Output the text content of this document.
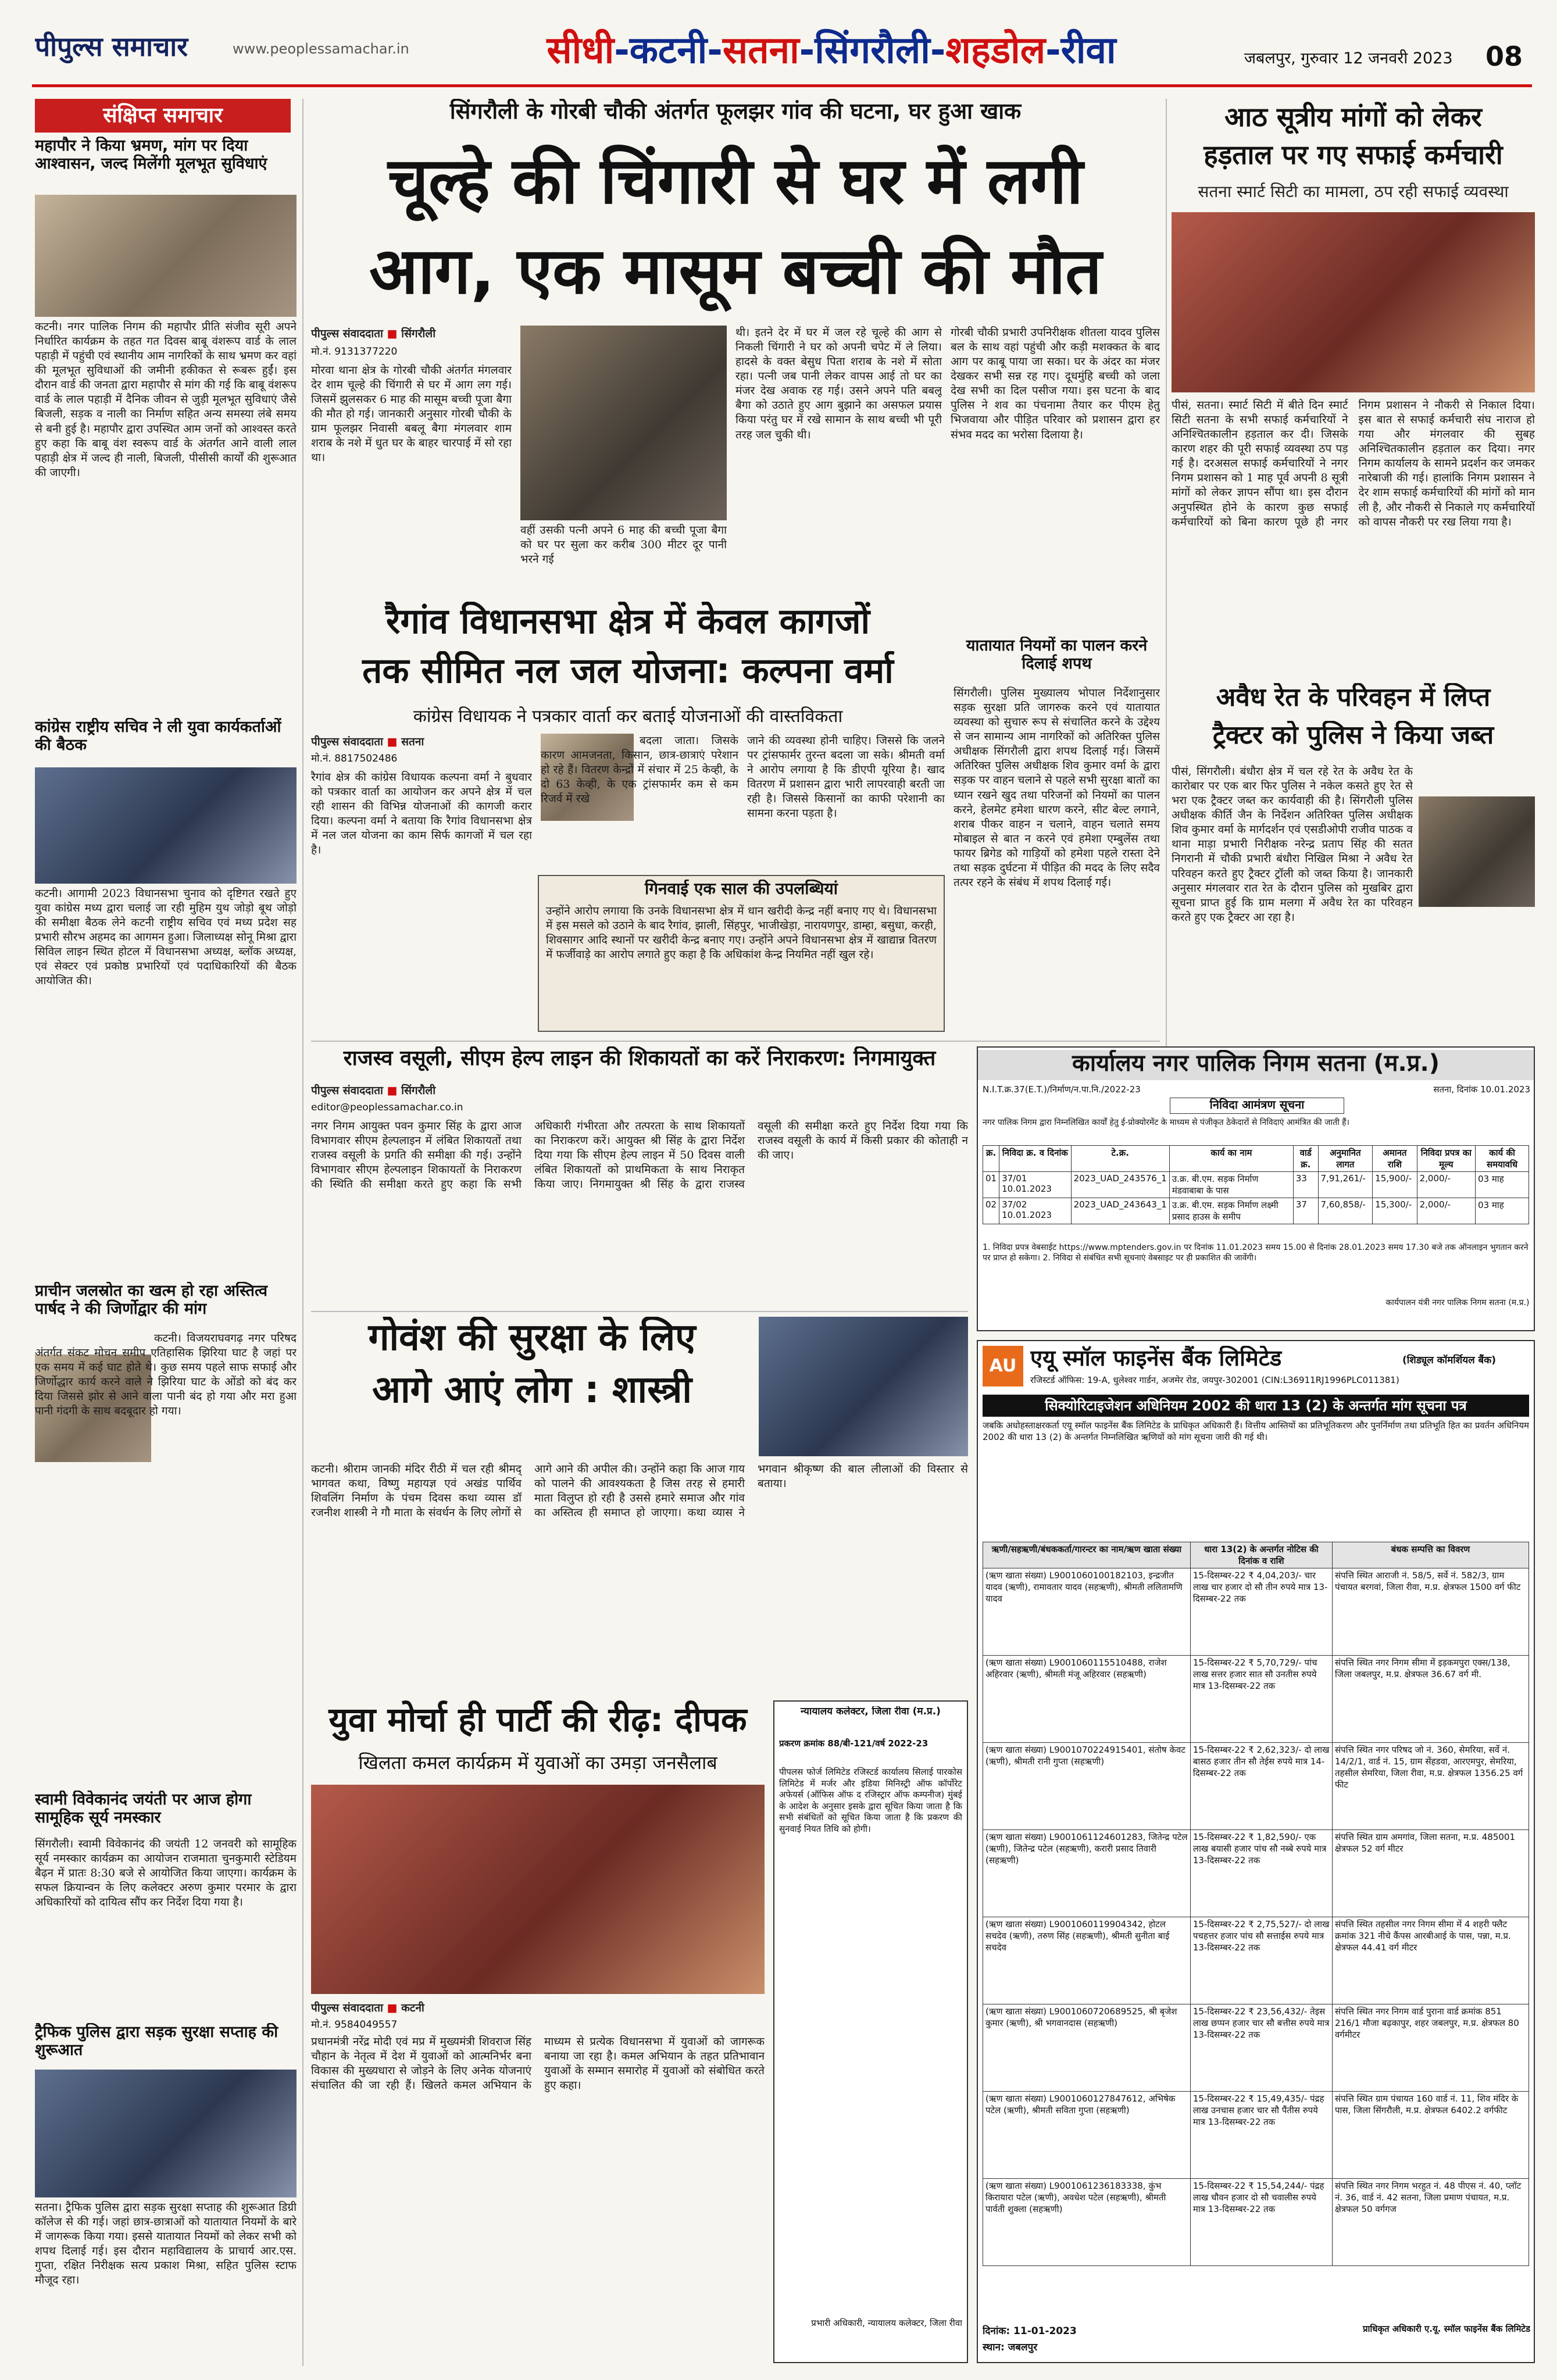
पीपुल्स समाचार	www.peoplessamachar.in	सीधी-कटनी-सतना-सिंगरौली-शहडोल-रीवा	जबलपुर, गुरुवार 12 जनवरी 2023	08
संक्षिप्त समाचार
महापौर ने किया भ्रमण, मांग पर दिया आश्वासन, जल्द मिलेंगी मूलभूत सुविधाएं
कटनी। नगर पालिक निगम की महापौर प्रीति संजीव सूरी अपने निर्धारित कार्यक्रम के तहत गत दिवस बाबू वंशरूप वार्ड के लाल पहाड़ी में पहुंची एवं स्थानीय आम नागरिकों के साथ भ्रमण कर वहां की मूलभूत सुविधाओं की जमीनी हकीकत से रूबरू हुईं। इस दौरान वार्ड की जनता द्वारा महापौर से मांग की गई कि बाबू वंशरूप वार्ड के लाल पहाड़ी में दैनिक जीवन से जुड़ी मूलभूत सुविधाएं जैसे बिजली, सड़क व नाली का निर्माण सहित अन्य समस्या लंबे समय से बनी हुई है। महापौर द्वारा उपस्थित आम जनों को आश्वस्त करते हुए कहा कि बाबू वंश स्वरूप वार्ड के अंतर्गत आने वाली लाल पहाड़ी क्षेत्र में जल्द ही नाली, बिजली, पीसीसी कार्यों की शुरूआत की जाएगी।
कांग्रेस राष्ट्रीय सचिव ने ली युवा कार्यकर्ताओं की बैठक
कटनी। आगामी 2023 विधानसभा चुनाव को दृष्टिगत रखते हुए युवा कांग्रेस मध्य द्वारा चलाई जा रही मुहिम युथ जोड़ो बूथ जोड़ो की समीक्षा बैठक लेने कटनी राष्ट्रीय सचिव एवं मध्य प्रदेश सह प्रभारी सौरभ अहमद का आगमन हुआ। जिलाध्यक्ष सोनू मिश्रा द्वारा सिविल लाइन स्थित होटल में विधानसभा अध्यक्ष, ब्लॉक अध्यक्ष, एवं सेक्टर एवं प्रकोष्ठ प्रभारियों एवं पदाधिकारियों की बैठक आयोजित की।
प्राचीन जलस्रोत का खत्म हो रहा अस्तित्व पार्षद ने की जिर्णोद्वार की मांग
कटनी। विजयराघवगढ़ नगर परिषद अंतर्गत संकट मोचन समीप एतिहासिक झिरिया घाट है जहां पर एक समय में कई घाट होते थे। कुछ समय पहले साफ सफाई और जिर्णोद्धार कार्य करने वाले ने झिरिया घाट के ओंडो को बंद कर दिया जिससे झोर से आने वाला पानी बंद हो गया और मरा हुआ पानी गंदगी के साथ बदबूदार हो गया।
स्वामी विवेकानंद जयंती पर आज होगा सामूहिक सूर्य नमस्कार
सिंगरौली। स्वामी विवेकानंद की जयंती 12 जनवरी को सामूहिक सूर्य नमस्कार कार्यक्रम का आयोजन राजमाता चुनकुमारी स्टेडियम बैढ़न में प्रातः 8:30 बजे से आयोजित किया जाएगा। कार्यक्रम के सफल क्रियान्वन के लिए कलेक्टर अरुण कुमार परमार के द्वारा अधिकारियों को दायित्व सौंप कर निर्देश दिया गया है।
ट्रैफिक पुलिस द्वारा सड़क सुरक्षा सप्ताह की शुरूआत
सतना। ट्रैफिक पुलिस द्वारा सड़क सुरक्षा सप्ताह की शुरूआत डिग्री कॉलेज से की गई। जहां छात्र-छात्राओं को यातायात नियमों के बारे में जागरूक किया गया। इससे यातायात नियमों को लेकर सभी को शपथ दिलाई गई। इस दौरान महाविद्यालय के प्राचार्य आर.एस. गुप्ता, रक्षित निरीक्षक सत्य प्रकाश मिश्रा, सहित पुलिस स्टाफ मौजूद रहा।
सिंगरौली के गोरबी चौकी अंतर्गत फूलझर गांव की घटना, घर हुआ खाक
चूल्हे की चिंगारी से घर में लगी
आग, एक मासूम बच्ची की मौत
पीपुल्स संवाददाता ■ सिंगरौली
मो.नं. 9131377220
मोरवा थाना क्षेत्र के गोरबी चौकी अंतर्गत मंगलवार देर शाम चूल्हे की चिंगारी से घर में आग लग गई। जिसमें झुलसकर 6 माह की मासूम बच्ची पूजा बैगा की मौत हो गई। जानकारी अनुसार गोरबी चौकी के ग्राम फूलझर निवासी बबलू बैगा मंगलवार शाम शराब के नशे में धुत घर के बाहर चारपाई में सो रहा था।
वहीं उसकी पत्नी अपने 6 माह की बच्ची पूजा बैगा को घर पर सुला कर करीब 300 मीटर दूर पानी भरने गई
थी। इतने देर में घर में जल रहे चूल्हे की आग से निकली चिंगारी ने घर को अपनी चपेट में ले लिया। हादसे के वक्त बेसुध पिता शराब के नशे में सोता रहा। पत्नी जब पानी लेकर वापस आई तो घर का मंजर देख अवाक रह गई। उसने अपने पति बबलू बैगा को उठाते हुए आग बुझाने का असफल प्रयास किया परंतु घर में रखे सामान के साथ बच्ची भी पूरी तरह जल चुकी थी।
गोरबी चौकी प्रभारी उपनिरीक्षक शीतला यादव पुलिस बल के साथ वहां पहुंची और कड़ी मशक्कत के बाद आग पर काबू पाया जा सका। घर के अंदर का मंजर देखकर सभी सन्न रह गए। दूधमुंहि बच्ची को जला देख सभी का दिल पसीज गया। इस घटना के बाद पुलिस ने शव का पंचनामा तैयार कर पीएम हेतु भिजवाया और पीड़ित परिवार को प्रशासन द्वारा हर संभव मदद का भरोसा दिलाया है।
आठ सूत्रीय मांगों को लेकर
हड़ताल पर गए सफाई कर्मचारी
सतना स्मार्ट सिटी का मामला, ठप रही सफाई व्यवस्था
पीसं, सतना। स्मार्ट सिटी में बीते दिन स्मार्ट सिटी सतना के सभी सफाई कर्मचारियों ने अनिश्चितकालीन हड़ताल कर दी। जिसके कारण शहर की पूरी सफाई व्यवस्था ठप पड़ गई है। दरअसल सफाई कर्मचारियों ने नगर निगम प्रशासन को 1 माह पूर्व अपनी 8 सूत्री मांगों को लेकर ज्ञापन सौंपा था। इस दौरान अनुपस्थित होने के कारण कुछ सफाई कर्मचारियों को बिना कारण पूछे ही नगर निगम प्रशासन ने नौकरी से निकाल दिया। इस बात से सफाई कर्मचारी संघ नाराज हो गया और मंगलवार की सुबह अनिश्चितकालीन हड़ताल कर दिया। नगर निगम कार्यालय के सामने प्रदर्शन कर जमकर नारेबाजी की गई। हालांकि निगम प्रशासन ने देर शाम सफाई कर्मचारियों की मांगों को मान ली है, और नौकरी से निकाले गए कर्मचारियों को वापस नौकरी पर रख लिया गया है।
रैगांव विधानसभा क्षेत्र में केवल कागजों
तक सीमित नल जल योजना: कल्पना वर्मा
कांग्रेस विधायक ने पत्रकार वार्ता कर बताई योजनाओं की वास्तविकता
पीपुल्स संवाददाता ■ सतना
मो.नं. 8817502486
रैगांव क्षेत्र की कांग्रेस विधायक कल्पना वर्मा ने बुधवार को पत्रकार वार्ता का आयोजन कर अपने क्षेत्र में चल रही शासन की विभिन्न योजनाओं की कागजी करार दिया। कल्पना वर्मा ने बताया कि रैगांव विधानसभा क्षेत्र में नल जल योजना का काम सिर्फ कागजों में चल रहा है।
बदला जाता। जिसके कारण आमजनता, किसान, छात्र-छात्राएं परेशान हो रहे हैं। वितरण केन्द्रों में संचार में 25 केव्ही, के दो 63 केव्ही, के एक ट्रांसफार्मर कम से कम रिजर्व में रखे
जाने की व्यवस्था होनी चाहिए। जिससे कि जलने पर ट्रांसफार्मर तुरन्त बदला जा सके। श्रीमती वर्मा ने आरोप लगाया है कि डीएपी यूरिया है। खाद वितरण में प्रशासन द्वारा भारी लापरवाही बरती जा रही है। जिससे किसानों का काफी परेशानी का सामना करना पड़ता है।
गिनवाई एक साल की उपलब्धियां
उन्होंने आरोप लगाया कि उनके विधानसभा क्षेत्र में धान खरीदी केन्द्र नहीं बनाए गए थे। विधानसभा में इस मसले को उठाने के बाद रैगांव, झाली, सिंहपुर, भाजीखेड़ा, नारायणपुर, डाम्हा, बसुधा, करही, शिवसागर आदि स्थानों पर खरीदी केन्द्र बनाए गए। उन्होंने अपने विधानसभा क्षेत्र में खाद्यान्न वितरण में फर्जीवाड़े का आरोप लगाते हुए कहा है कि अधिकांश केन्द्र नियमित नहीं खुल रहे।
यातायात नियमों का पालन करने दिलाई शपथ
सिंगरौली। पुलिस मुख्यालय भोपाल निर्देशानुसार सड़क सुरक्षा प्रति जागरुक करने एवं यातायात व्यवस्था को सुचारु रूप से संचालित करने के उद्देश्य से जन सामान्य आम नागरिकों को अतिरिक्त पुलिस अधीक्षक सिंगरौली द्वारा शपथ दिलाई गई। जिसमें अतिरिक्त पुलिस अधीक्षक शिव कुमार वर्मा के द्वारा सड़क पर वाहन चलाने से पहले सभी सुरक्षा बातों का ध्यान रखने खुद तथा परिजनों को नियमों का पालन करने, हेलमेट हमेशा धारण करने, सीट बेल्ट लगाने, शराब पीकर वाहन न चलाने, वाहन चलाते समय मोबाइल से बात न करने एवं हमेशा एम्बुलेंस तथा फायर ब्रिगेड को गाड़ियों को हमेशा पहले रास्ता देने तथा सड़क दुर्घटना में पीड़ित की मदद के लिए सदैव तत्पर रहने के संबंध में शपथ दिलाई गई।
अवैध रेत के परिवहन में लिप्त
ट्रैक्टर को पुलिस ने किया जब्त
पीसं, सिंगरौली। बंधौरा क्षेत्र में चल रहे रेत के अवैध रेत के कारोबार पर एक बार फिर पुलिस ने नकेल कसते हुए रेत से भरा एक ट्रैक्टर जब्त कर कार्यवाही की है। सिंगरौली पुलिस अधीक्षक कीर्ति जैन के निर्देशन अतिरिक्त पुलिस अधीक्षक शिव कुमार वर्मा के मार्गदर्शन एवं एसडीओपी राजीव पाठक व थाना माड़ा प्रभारी निरीक्षक नरेन्द्र प्रताप सिंह की सतत निगरानी में चौकी प्रभारी बंधौरा निखिल मिश्रा ने अवैध रेत परिवहन करते हुए ट्रैक्टर ट्रॉली को जब्त किया है। जानकारी अनुसार मंगलवार रात रेत के दौरान पुलिस को मुखबिर द्वारा सूचना प्राप्त हुई कि ग्राम मलगा में अवैध रेत का परिवहन करते हुए एक ट्रैक्टर आ रहा है।
राजस्व वसूली, सीएम हेल्प लाइन की शिकायतों का करें निराकरण: निगमायुक्त
पीपुल्स संवाददाता ■ सिंगरौली
editor@peoplessamachar.co.in
नगर निगम आयुक्त पवन कुमार सिंह के द्वारा आज विभागवार सीएम हेल्पलाइन में लंबित शिकायतों तथा राजस्व वसूली के प्रगति की समीक्षा की गई। उन्होंने विभागवार सीएम हेल्पलाइन शिकायतों के निराकरण की स्थिति की समीक्षा करते हुए कहा कि सभी अधिकारी गंभीरता और तत्परता के साथ शिकायतों का निराकरण करें। आयुक्त श्री सिंह के द्वारा निर्देश दिया गया कि सीएम हेल्प लाइन में 50 दिवस वाली लंबित शिकायतों को प्राथमिकता के साथ निराकृत किया जाए। निगमायुक्त श्री सिंह के द्वारा राजस्व वसूली की समीक्षा करते हुए निर्देश दिया गया कि राजस्व वसूली के कार्य में किसी प्रकार की कोताही न की जाए।
कार्यालय नगर पालिक निगम सतना (म.प्र.)
N.I.T.क्र.37(E.T.)/निर्माण/न.पा.नि./2022-23	सतना, दिनांक 10.01.2023
निविदा आमंत्रण सूचना
नगर पालिक निगम द्वारा निम्नलिखित कार्यों हेतु ई-प्रोक्योरमेंट के माध्यम से पंजीकृत ठेकेदारों से निविदाएं आमंत्रित की जाती हैं।
क्र.	निविदा क्र. व दिनांक	टे.क्र.	कार्य का नाम	वार्ड क्र.	अनुमानित लागत	अमानत राशि	निविदा प्रपत्र का मूल्य	कार्य की समयावधि
01	37/01 10.01.2023	2023_UAD_243576_1	उ.क्र. बी.एम. सड़क निर्माण मंडवाबाबा के पास	33	7,91,261/-	15,900/-	2,000/-	03 माह
02	37/02 10.01.2023	2023_UAD_243643_1	उ.क्र. बी.एम. सड़क निर्माण लक्ष्मी प्रसाद हाउस के समीप	37	7,60,858/-	15,300/-	2,000/-	03 माह
1. निविदा प्रपत्र वेबसाईट https://www.mptenders.gov.in पर दिनांक 11.01.2023 समय 15.00 से दिनांक 28.01.2023 समय 17.30 बजे तक ऑनलाइन भुगतान करने पर प्राप्त हो सकेगा। 2. निविदा से संबंधित सभी सूचनाएं वेबसाइट पर ही प्रकाशित की जावेंगी।
कार्यपालन यंत्री नगर पालिक निगम सतना (म.प्र.)
गोवंश की सुरक्षा के लिए
आगे आएं लोग : शास्त्री
कटनी। श्रीराम जानकी मंदिर रीठी में चल रही श्रीमद् भागवत कथा, विष्णु महायज्ञ एवं अखंड पार्थिव शिवलिंग निर्माण के पंचम दिवस कथा व्यास डॉ रजनीश शास्त्री ने गौ माता के संवर्धन के लिए लोगों से आगे आने की अपील की। उन्होंने कहा कि आज गाय को पालने की आवश्यकता है जिस तरह से हमारी माता विलुप्त हो रही है उससे हमारे समाज और गांव का अस्तित्व ही समाप्त हो जाएगा। कथा व्यास ने भगवान श्रीकृष्ण की बाल लीलाओं की विस्तार से बताया।
युवा मोर्चा ही पार्टी की रीढ़: दीपक
खिलता कमल कार्यक्रम में युवाओं का उमड़ा जनसैलाब
पीपुल्स संवाददाता ■ कटनी
मो.नं. 9584049557
प्रधानमंत्री नरेंद्र मोदी एवं मप्र में मुख्यमंत्री शिवराज सिंह चौहान के नेतृत्व में देश में युवाओं को आत्मनिर्भर बना विकास की मुख्यधारा से जोड़ने के लिए अनेक योजनाएं संचालित की जा रही हैं। खिलते कमल अभियान के माध्यम से प्रत्येक विधानसभा में युवाओं को जागरूक बनाया जा रहा है। कमल अभियान के तहत प्रतिभावान युवाओं के सम्मान समारोह में युवाओं को संबोधित करते हुए कहा।
न्यायालय कलेक्टर, जिला रीवा (म.प्र.)
प्रकरण क्रमांक 88/बी-121/वर्ष 2022-23
पीपलस फोर्ज लिमिटेड रजिस्टर्ड कार्यालय सिलाई पारकोस लिमिटेड में मर्जर और इडिया मिनिस्ट्री ऑफ कॉर्पोरेट अफेयर्स (ऑफिस ऑफ द रजिस्ट्रार ऑफ कम्पनीज) मुंबई के आदेश के अनुसार इसके द्वारा सूचित किया जाता है कि सभी संबंधितों को सूचित किया जाता है कि प्रकरण की सुनवाई नियत तिथि को होगी।
प्रभारी अधिकारी, न्यायालय कलेक्टर, जिला रीवा
AU एयू स्मॉल फाइनेंस बैंक लिमिटेड	(शिड्यूल कॉमर्शियल बैंक)
रजिस्टर्ड ऑफिस: 19-A, धुलेश्वर गार्डन, अजमेर रोड, जयपुर-302001 (CIN:L36911RJ1996PLC011381)
सिक्योरिटाइजेशन अधिनियम 2002 की धारा 13 (2) के अन्तर्गत मांग सूचना पत्र
जबकि अधोहस्ताक्षरकर्ता एयू स्मॉल फाइनेंस बैंक लिमिटेड के प्राधिकृत अधिकारी हैं। वित्तीय आस्तियों का प्रतिभूतिकरण और पुनर्निर्माण तथा प्रतिभूति हित का प्रवर्तन अधिनियम 2002 की धारा 13 (2) के अन्तर्गत निम्नलिखित ऋणियों को मांग सूचना जारी की गई थी।
ऋणी/सहऋणी/बंधककर्ता/गारन्टर का नाम/ऋण खाता संख्या	धारा 13(2) के अन्तर्गत नोटिस की दिनांक व राशि	बंधक सम्पत्ति का विवरण
(ऋण खाता संख्या) L9001060100182103, इन्द्रजीत यादव (ऋणी), रामावतार यादव (सहऋणी), श्रीमती ललितामणि यादव	15-दिसम्बर-22 ₹ 4,04,203/- चार लाख चार हजार दो सौ तीन रुपये मात्र 13-दिसम्बर-22 तक	संपत्ति स्थित आराजी नं. 58/5, सर्वे नं. 582/3, ग्राम पंचायत बरगवां, जिला रीवा, म.प्र. क्षेत्रफल 1500 वर्ग फीट
(ऋण खाता संख्या) L9001060115510488, राजेश अहिरवार (ऋणी), श्रीमती मंजू अहिरवार (सहऋणी)	15-दिसम्बर-22 ₹ 5,70,729/- पांच लाख सत्तर हजार सात सौ उनतीस रुपये मात्र 13-दिसम्बर-22 तक	संपत्ति स्थित नगर निगम सीमा में इड़कमपुरा एक्स/138, जिला जबलपुर, म.प्र. क्षेत्रफल 36.67 वर्ग मी.
(ऋण खाता संख्या) L9001070224915401, संतोष केवट (ऋणी), श्रीमती रानी गुप्ता (सहऋणी)	15-दिसम्बर-22 ₹ 2,62,323/- दो लाख बासठ हजार तीन सौ तेईस रुपये मात्र 14-दिसम्बर-22 तक	संपत्ति स्थित नगर परिषद जो नं. 360, सेमरिया, सर्वे नं. 14/2/1, वार्ड नं. 15, ग्राम सेंहडवा, आरएमपुर, सेमरिया, तहसील सेमरिया, जिला रीवा, म.प्र. क्षेत्रफल 1356.25 वर्ग फीट
(ऋण खाता संख्या) L9001061124601283, जितेन्द्र पटेल (ऋणी), जितेन्द्र पटेल (सहऋणी), करारी प्रसाद तिवारी (सहऋणी)	15-दिसम्बर-22 ₹ 1,82,590/- एक लाख बयासी हजार पांच सौ नब्बे रुपये मात्र 13-दिसम्बर-22 तक	संपत्ति स्थित ग्राम अमगांव, जिला सतना, म.प्र. 485001 क्षेत्रफल 52 वर्ग मीटर
(ऋण खाता संख्या) L9001060119904342, होटल सचदेव (ऋणी), तरुण सिंह (सहऋणी), श्रीमती सुनीता बाई सचदेव	15-दिसम्बर-22 ₹ 2,75,527/- दो लाख पचहत्तर हजार पांच सौ सत्ताईस रुपये मात्र 13-दिसम्बर-22 तक	संपत्ति स्थित तहसील नगर निगम सीमा में 4 शहरी फ्लैट क्रमांक 321 नीचे कैंपस आरबीआई के पास, पन्ना, म.प्र. क्षेत्रफल 44.41 वर्ग मीटर
(ऋण खाता संख्या) L9001060720689525, श्री बृजेश कुमार (ऋणी), श्री भगवानदास (सहऋणी)	15-दिसम्बर-22 ₹ 23,56,432/- तेइस लाख छप्पन हजार चार सौ बत्तीस रुपये मात्र 13-दिसम्बर-22 तक	संपत्ति स्थित नगर निगम वार्ड पुराना वार्ड क्रमांक 851 216/1 मौजा बढ़कापुर, शहर जबलपुर, म.प्र. क्षेत्रफल 80 वर्गमीटर
(ऋण खाता संख्या) L9001060127847612, अभिषेक पटेल (ऋणी), श्रीमती सविता गुप्ता (सहऋणी)	15-दिसम्बर-22 ₹ 15,49,435/- पंद्रह लाख उनचास हजार चार सौ पैंतीस रुपये मात्र 13-दिसम्बर-22 तक	संपत्ति स्थित ग्राम पंचायत 160 वार्ड नं. 11, शिव मंदिर के पास, जिला सिंगरौली, म.प्र. क्षेत्रफल 6402.2 वर्गफीट
(ऋण खाता संख्या) L9001061236183338, कुंभ किरायारा पटेल (ऋणी), अवधेश पटेल (सहऋणी), श्रीमती पार्वती शुक्ला (सहऋणी)	15-दिसम्बर-22 ₹ 15,54,244/- पंद्रह लाख चौवन हजार दो सौ चवालीस रुपये मात्र 13-दिसम्बर-22 तक	संपत्ति स्थित नगर निगम भरहुत नं. 48 पीएस नं. 40, प्लॉट नं. 36, वार्ड नं. 42 सतना, जिला प्रमाण पंचायत, म.प्र. क्षेत्रफल 50 वर्गगज
दिनांक: 11-01-2023
स्थान: जबलपुर
प्राधिकृत अधिकारी ए.यू. स्मॉल फाइनेंस बैंक लिमिटेड
